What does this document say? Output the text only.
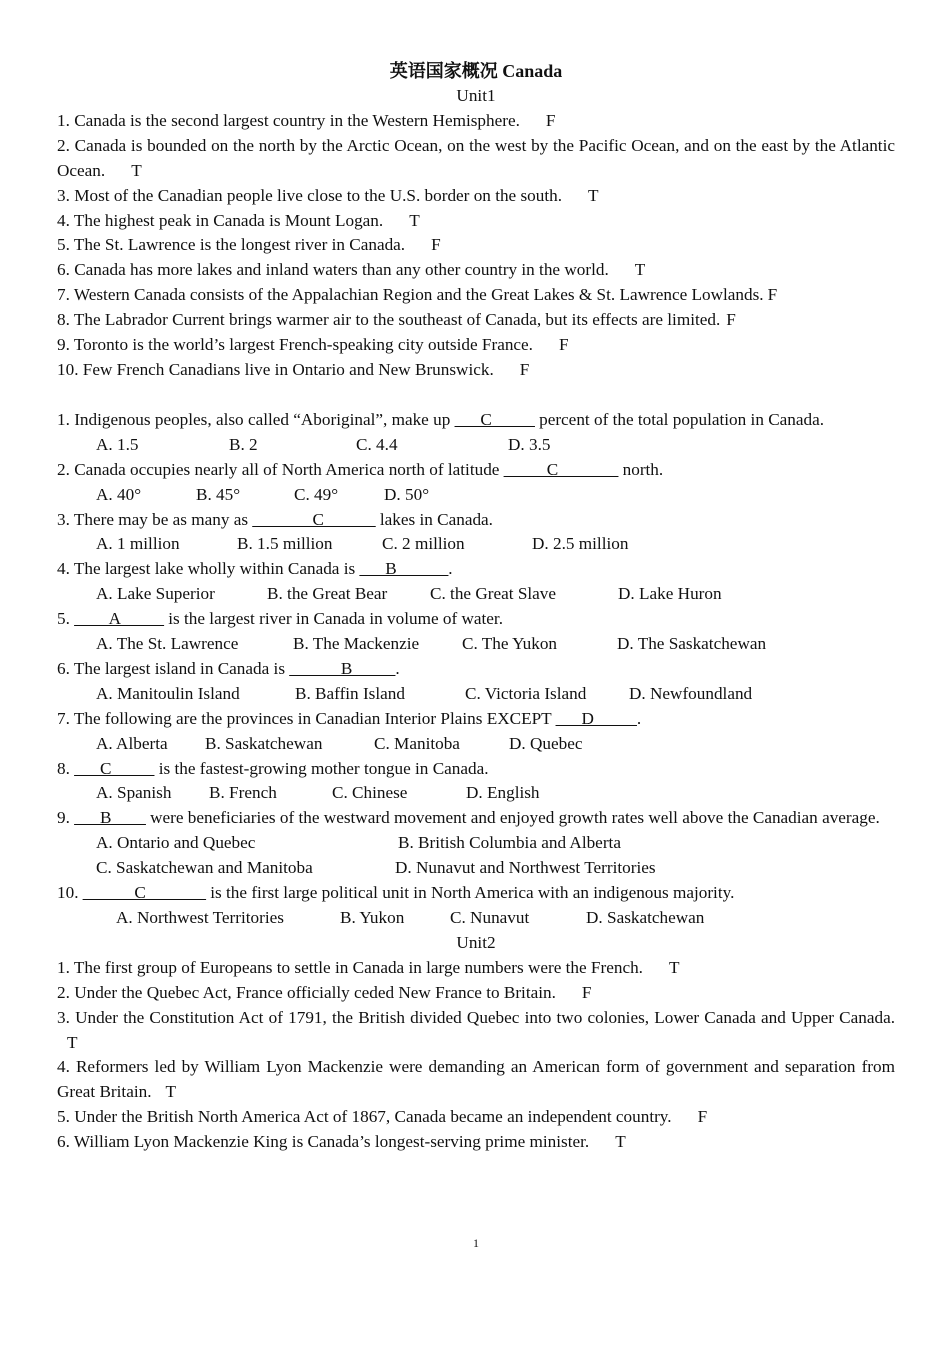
英语国家概况 Canada
Unit1
1. Canada is the second largest country in the Western Hemisphere. F
2. Canada is bounded on the north by the Arctic Ocean, on the west by the Pacific Ocean, and on the east by the Atlantic Ocean. T
3. Most of the Canadian people live close to the U.S. border on the south. T
4. The highest peak in Canada is Mount Logan. T
5. The St. Lawrence is the longest river in Canada. F
6. Canada has more lakes and inland waters than any other country in the world. T
7. Western Canada consists of the Appalachian Region and the Great Lakes & St. Lawrence Lowlands. F
8. The Labrador Current brings warmer air to the southeast of Canada, but its effects are limited. F
9. Toronto is the world’s largest French-speaking city outside France. F
10. Few French Canadians live in Ontario and New Brunswick. F
1. Indigenous peoples, also called “Aboriginal”, make up ___C_____ percent of the total population in Canada.
A. 1.5	B. 2	C. 4.4	D. 3.5
2. Canada occupies nearly all of North America north of latitude _____C_______ north.
A. 40°	B. 45°	C. 49°	D. 50°
3. There may be as many as _______C______ lakes in Canada.
A. 1 million	B. 1.5 million	C. 2 million	D. 2.5 million
4. The largest lake wholly within Canada is ___B______.
A. Lake Superior	B. the Great Bear C. the Great Slave	D. Lake Huron
5. ____A_____ is the largest river in Canada in volume of water.
A. The St. Lawrence	B. The Mackenzie C. The Yukon	D. The Saskatchewan
6. The largest island in Canada is ______B_____.
A. Manitoulin Island	B. Baffin Island	C. Victoria Island D. Newfoundland
7. The following are the provinces in Canadian Interior Plains EXCEPT ___D_____.
A. Alberta B. Saskatchewan	C. Manitoba	D. Quebec
8. ___C_____ is the fastest-growing mother tongue in Canada.
A. Spanish B. French	C. Chinese	D. English
9. ___B____ were beneficiaries of the westward movement and enjoyed growth rates well above the Canadian average.
A. Ontario and Quebec	B. British Columbia and Alberta
C. Saskatchewan and Manitoba	D. Nunavut and Northwest Territories
10. ______C_______ is the first large political unit in North America with an indigenous majority.
A. Northwest Territories	B. Yukon	C. Nunavut	D. Saskatchewan
Unit2
1. The first group of Europeans to settle in Canada in large numbers were the French. T
2. Under the Quebec Act, France officially ceded New France to Britain. F
3. Under the Constitution Act of 1791, the British divided Quebec into two colonies, Lower Canada and Upper Canada.T
4. Reformers led by William Lyon Mackenzie were demanding an American form of government and separation from Great Britain. T
5. Under the British North America Act of 1867, Canada became an independent country. F
6. William Lyon Mackenzie King is Canada’s longest-serving prime minister. T
1
